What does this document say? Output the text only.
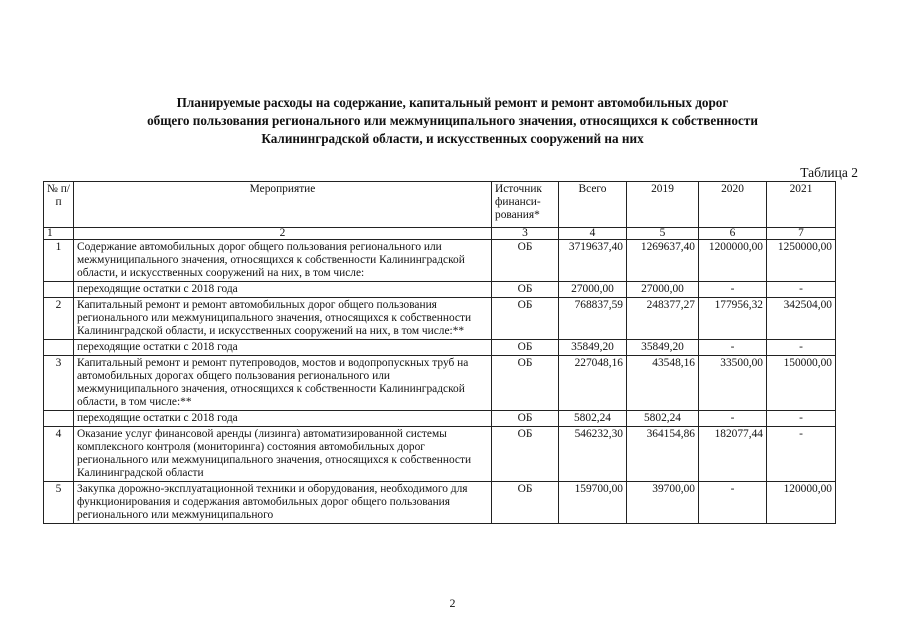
Планируемые расходы на содержание, капитальный ремонт и ремонт автомобильных дорог
общего пользования регионального или межмуниципального значения, относящихся к собственности
Калининградской области, и искусственных сооружений на них
Таблица 2
№ п/п	Мероприятие	Источник финанси-рования*	Всего	2019	2020	2021
1	2	3	4	5	6	7
1	Содержание автомобильных дорог общего пользования регионального или межмуниципального значения, относящихся к собственности Калининградской области, и искусственных сооружений на них, в том числе:	ОБ	3719637,40	1269637,40	1200000,00	1250000,00
	переходящие остатки с 2018 года	ОБ	27000,00	27000,00	-	-
2	Капитальный ремонт и ремонт автомобильных дорог общего пользования регионального или межмуниципального значения, относящихся к собственности Калининградской области, и искусственных сооружений на них, в том числе:**	ОБ	768837,59	248377,27	177956,32	342504,00
	переходящие остатки с 2018 года	ОБ	35849,20	35849,20	-	-
3	Капитальный ремонт и ремонт путепроводов, мостов и водопропускных труб на автомобильных дорогах общего пользования регионального или межмуниципального значения, относящихся к собственности Калининградской области, в том числе:**	ОБ	227048,16	43548,16	33500,00	150000,00
	переходящие остатки с 2018 года	ОБ	5802,24	5802,24	-	-
4	Оказание услуг финансовой аренды (лизинга) автоматизированной системы комплексного контроля (мониторинга) состояния автомобильных дорог регионального или межмуниципального значения, относящихся к собственности Калининградской области	ОБ	546232,30	364154,86	182077,44	-
5	Закупка дорожно-эксплуатационной техники и оборудования, необходимого для функционирования и содержания автомобильных дорог общего пользования регионального или межмуниципального	ОБ	159700,00	39700,00	-	120000,00
2
